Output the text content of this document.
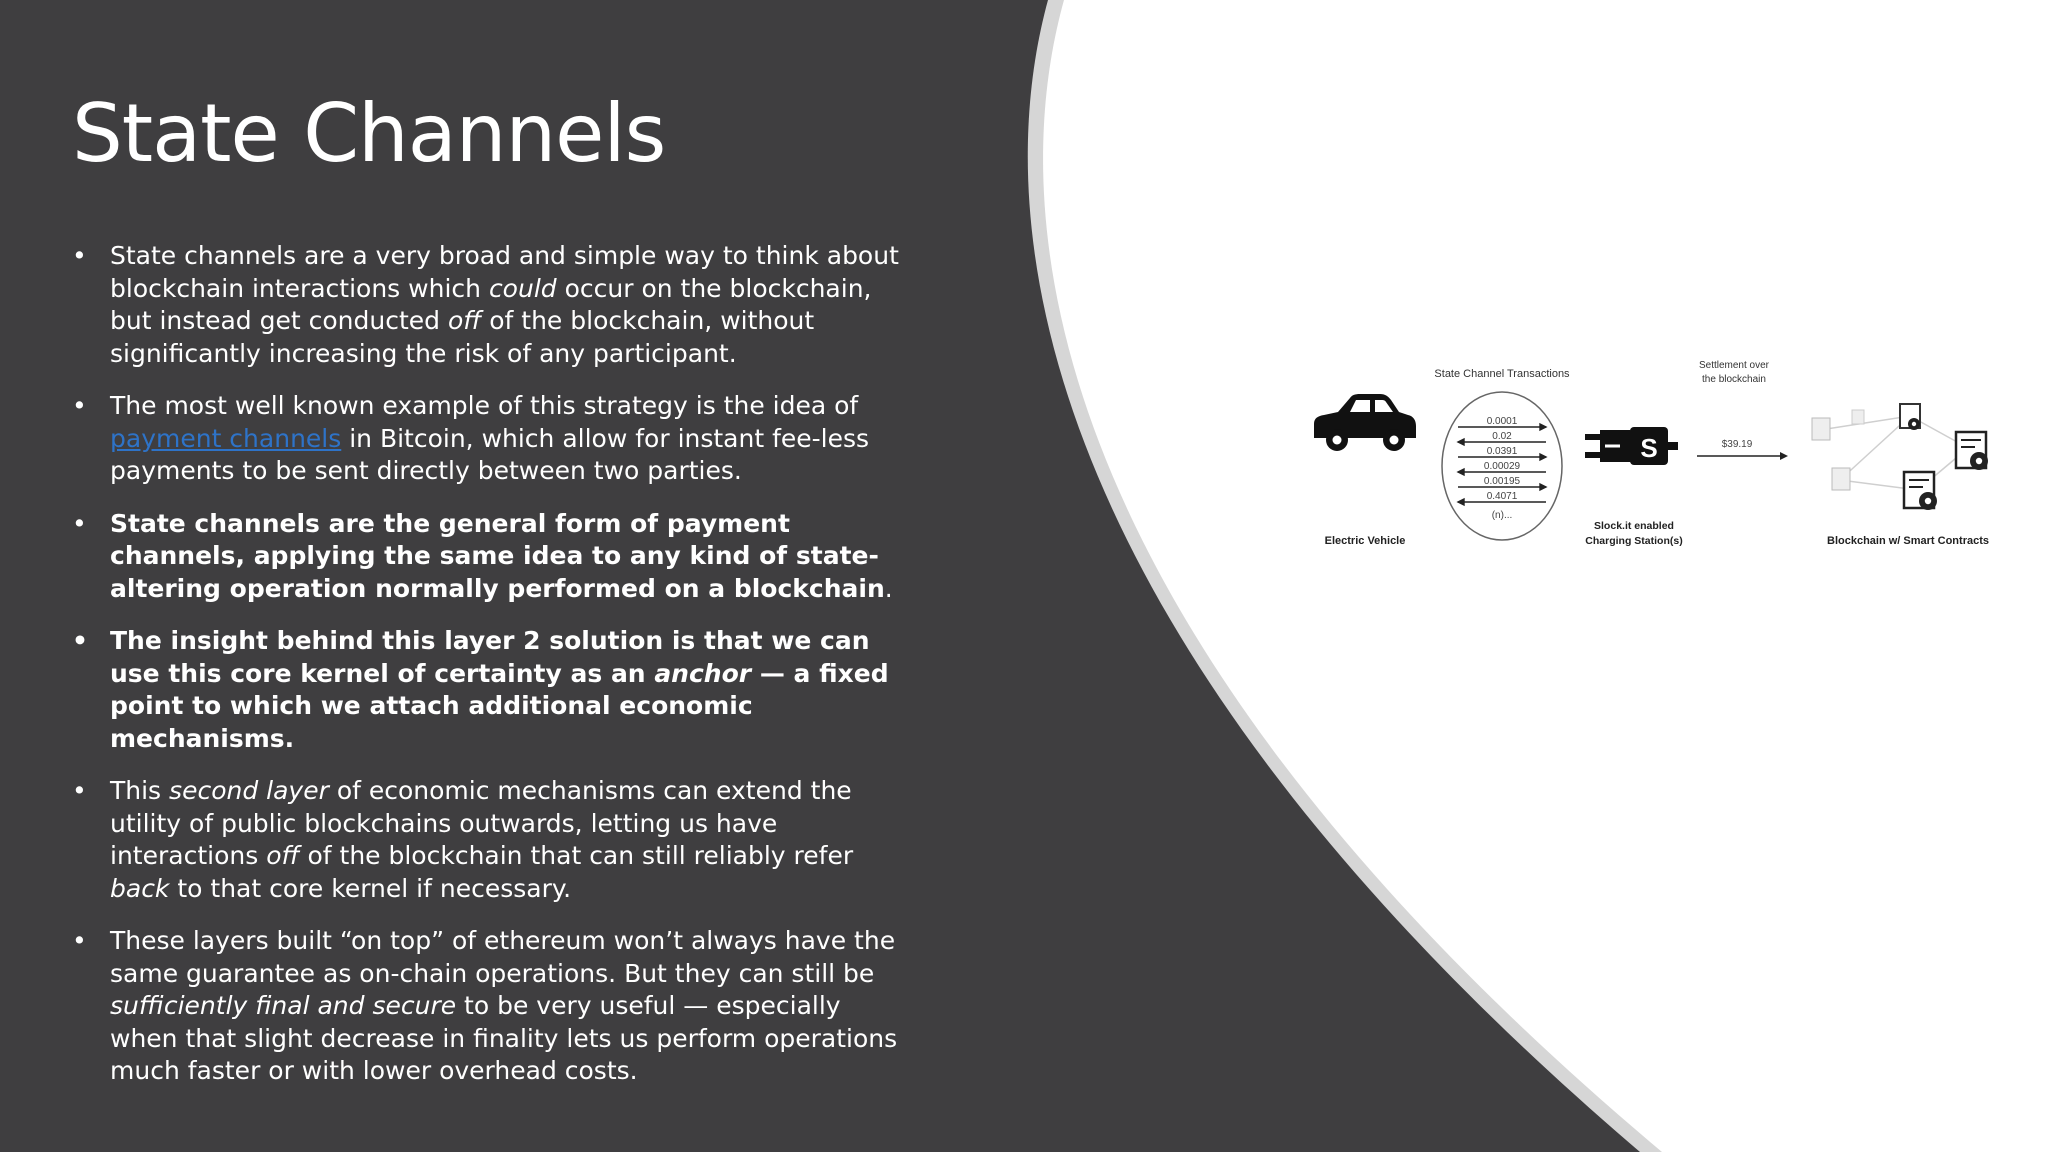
State Channels
• State channels are a very broad and simple way to think about blockchain interactions which could occur on the blockchain, but instead get conducted off of the blockchain, without significantly increasing the risk of any participant.
• The most well known example of this strategy is the idea of payment channels in Bitcoin, which allow for instant fee-less payments to be sent directly between two parties.
• State channels are the general form of payment channels, applying the same idea to any kind of state-altering operation normally performed on a blockchain.
• The insight behind this layer 2 solution is that we can use this core kernel of certainty as an anchor — a fixed point to which we attach additional economic mechanisms.
• This second layer of economic mechanisms can extend the utility of public blockchains outwards, letting us have interactions off of the blockchain that can still reliably refer back to that core kernel if necessary.
• These layers built “on top” of ethereum won’t always have the same guarantee as on-chain operations. But they can still be sufficiently final and secure to be very useful — especially when that slight decrease in finality lets us perform operations much faster or with lower overhead costs.
State Channel Transactions
Settlement over
the blockchain
Electric Vehicle
0.0001
0.02
0.0391
0.00029
0.00195
0.4071
(n)...
S
Slock.it enabled
Charging Station(s)
$39.19
Blockchain w/ Smart Contracts
